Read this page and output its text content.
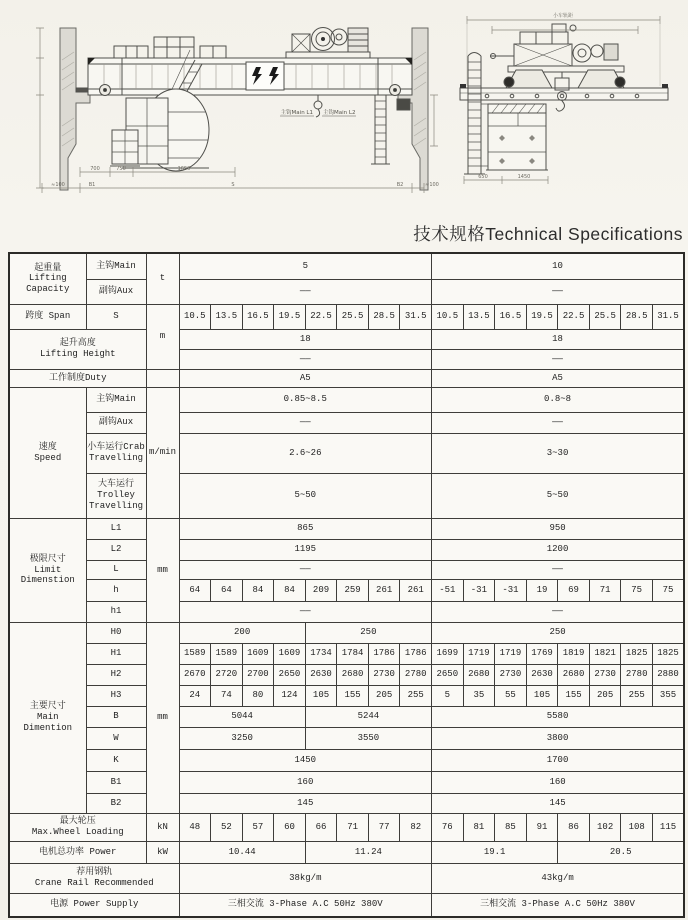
700	750	1650
≈100	B1	S	B2	≈100
主钩Main L1 主钩Main L2
小车轨距
650	1450
技术规格Technical Specifications
起重量
Lifting
Capacity	主钩Main	t	5								10							
	副钩Aux		——								——							
跨度 Span	S	m	10.5	13.5	16.5	19.5	22.5	25.5	28.5	31.5	10.5	13.5	16.5	19.5	22.5	25.5	28.5	31.5
起升高度
Lifting Height			18								18							
			——								——							
工作制度Duty			A5								A5							
速度
Speed	主钩Main	m/min	0.85~8.5								0.8~8							
	副钩Aux		——								——							
	小车运行Crab
Travelling		2.6~26								3~30							
	大车运行
Trolley
Travelling		5~50								5~50							
极限尺寸
Limit
Dimenstion	L1	mm	865								950							
	L2		1195								1200							
	L		——								——							
	h		64	64	84	84	209	259	261	261	-51	-31	-31	19	69	71	75	75
	h1		——								——							
主要尺寸
Main
Dimention	H0	mm	200				250				250							
	H1		1589	1589	1609	1609	1734	1784	1786	1786	1699	1719	1719	1769	1819	1821	1825	1825
	H2		2670	2720	2700	2650	2630	2680	2730	2780	2650	2680	2730	2630	2680	2730	2780	2880
	H3		24	74	80	124	105	155	205	255	5	35	55	105	155	205	255	355
	B		5044				5244				5580							
	W		3250				3550				3800							
	K		1450								1700							
	B1		160								160							
	B2		145								145							
最大轮压
Max.Wheel Loading		kN	48	52	57	60	66	71	77	82	76	81	85	91	86	102	108	115
电机总功率 Power		kW	10.44				11.24				19.1				20.5			
荐用钢轨
Crane Rail Recommended			38kg/m								43kg/m							
电源 Power Supply			三相交流 3-Phase A.C 50Hz 380V								三相交流 3-Phase A.C 50Hz 380V							
